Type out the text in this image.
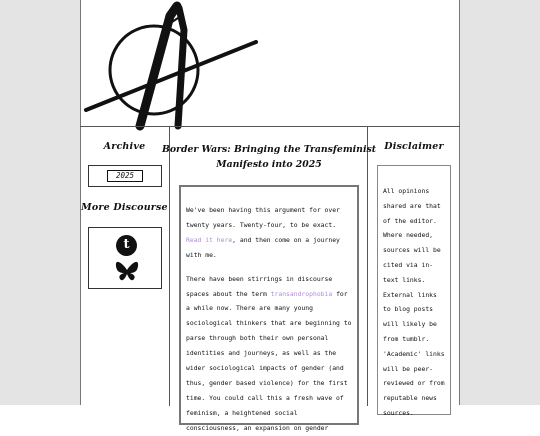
Archive
2025
More Discourse
t
Border Wars: Bringing the Transfeminist
Manifesto into 2025

We've been having this argument for over twenty years. Twenty-four, to be exact. Read it here, and then come on a journey with me.

There have been stirrings in discourse spaces about the term transandrophobia for a while now. There are many young sociological thinkers that are beginning to parse through both their own personal identities and journeys, as well as the wider sociological impacts of gender (and thus, gender based violence) for the first time. You could call this a fresh wave of feminism, a heightened social consciousness, an expansion on gender

Disclaimer
All opinions shared are that of the editor. Where needed, sources will be cited via in-text links. External links to blog posts will likely be from tumblr. 'Academic' links will be peer-reviewed or from reputable news sources.
